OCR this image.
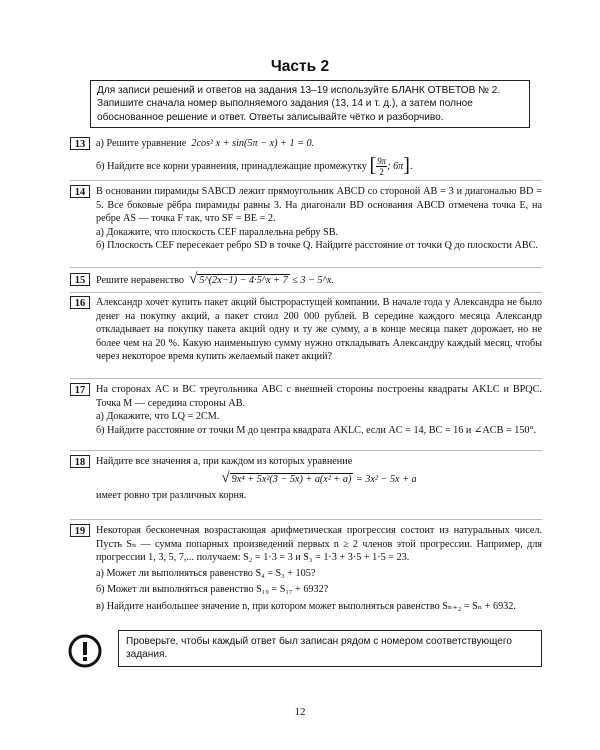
Часть 2
Для записи решений и ответов на задания 13–19 используйте БЛАНК ОТВЕТОВ № 2. Запишите сначала номер выполняемого задания (13, 14 и т. д.), а затем полное обоснованное решение и ответ. Ответы записывайте чётко и разборчиво.
13	а) Решите уравнение 2cos² x + sin(5π − x) + 1 = 0.

б) Найдите все корни уравнения, принадлежащие промежутку [ $\frac{9\pi}{2}$ ; 6π].

14	В основании пирамиды SABCD лежит прямоугольник ABCD со стороной AB = 3 и диагональю BD = 5. Все боковые рёбра пирамиды равны 3. На диагонали BD основания ABCD отмечена точка E, на ребре AS — точка F так, что SF = BE = 2.

а) Докажите, что плоскость CEF параллельна ребру SB.

б) Плоскость CEF пересекает ребро SD в точке Q. Найдите расстояние от точки Q до плоскости ABC.

15	Решите неравенство √ 5^(2x−1) − 4·5^x + 7 ≤ 3 − 5^x.

16	Александр хочет купить пакет акций быстрорастущей компании. В начале года у Александра не было денег на покупку акций, а пакет стоил 200 000 рублей. В середине каждого месяца Александр откладывает на покупку пакета акций одну и ту же сумму, а в конце месяца пакет дорожает, но не более чем на 20 %. Какую наименьшую сумму нужно откладывать Александру каждый месяц, чтобы через некоторое время купить желаемый пакет акций?

17	На сторонах AC и BC треугольника ABC с внешней стороны построены квадраты AKLC и BPQC. Точка M — середина стороны AB.

а) Докажите, что LQ = 2CM.

б) Найдите расстояние от точки M до центра квадрата AKLC, если AC = 14, BC = 16 и ∠ACB = 150°.

18	Найдите все значения a, при каждом из которых уравнение

√ 9x⁴ + 5x²(3 − 5x) + a(x² + a) = 3x² − 5x + a

имеет ровно три различных корня.

19	Некоторая бесконечная возрастающая арифметическая прогрессия состоит из натуральных чисел. Пусть Sₙ — сумма попарных произведений первых n ≥ 2 членов этой прогрессии. Например, для прогрессии 1, 3, 5, 7,... получаем: S₂ = 1·3 = 3 и S₃ = 1·3 + 3·5 + 1·5 = 23.

а) Может ли выполняться равенство S₄ = S₃ + 105?

б) Может ли выполняться равенство S₁₉ = S₁₇ + 6932?

в) Найдите наибольшее значение n, при котором может выполняться равенство Sₙ₊₂ = Sₙ + 6932.

Проверьте, чтобы каждый ответ был записан рядом с номером соответствующего задания.
12
